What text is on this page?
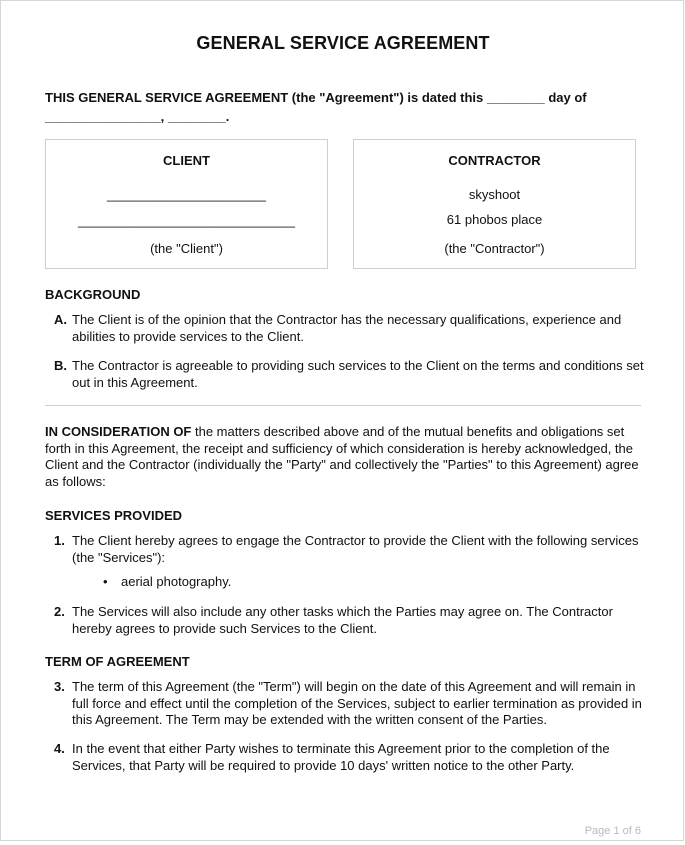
GENERAL SERVICE AGREEMENT
THIS GENERAL SERVICE AGREEMENT (the "Agreement") is dated this ________ day of
________________, ________.
CLIENT
______________________
______________________________
(the "Client")
CONTRACTOR
skyshoot
61 phobos place
(the "Contractor")
BACKGROUND
A. The Client is of the opinion that the Contractor has the necessary qualifications, experience and abilities to provide services to the Client.
B. The Contractor is agreeable to providing such services to the Client on the terms and conditions set out in this Agreement.
IN CONSIDERATION OF the matters described above and of the mutual benefits and obligations set forth in this Agreement, the receipt and sufficiency of which consideration is hereby acknowledged, the Client and the Contractor (individually the "Party" and collectively the "Parties" to this Agreement) agree as follows:
SERVICES PROVIDED
1. The Client hereby agrees to engage the Contractor to provide the Client with the following services (the "Services"):
•	aerial photography.
2. The Services will also include any other tasks which the Parties may agree on. The Contractor hereby agrees to provide such Services to the Client.
TERM OF AGREEMENT
3. The term of this Agreement (the "Term") will begin on the date of this Agreement and will remain in full force and effect until the completion of the Services, subject to earlier termination as provided in this Agreement. The Term may be extended with the written consent of the Parties.
4. In the event that either Party wishes to terminate this Agreement prior to the completion of the Services, that Party will be required to provide 10 days' written notice to the other Party.
Page 1 of 6
